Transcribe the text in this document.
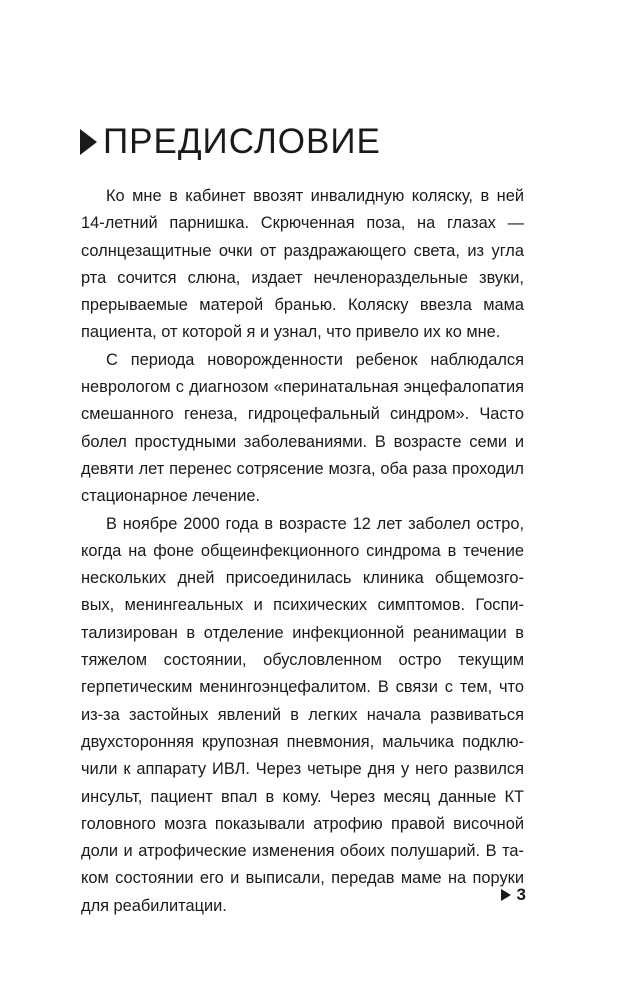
ПРЕДИСЛОВИЕ

Ко мне в кабинет ввозят инвалидную коляску, в ней 14-летний парнишка. Скрюченная поза, на глазах — солнцезащитные очки от раздражающего света, из угла рта сочится слюна, издает нечленораздельные звуки, прерываемые матерой бранью. Коляску ввезла мама пациента, от которой я и узнал, что привело их ко мне.

С периода новорожденности ребенок наблюдался неврологом с диагнозом «перинатальная энцефалопатия смешанного генеза, гидроцефальный синдром». Часто болел простудными заболеваниями. В возрасте семи и девяти лет перенес сотрясение мозга, оба раза проходил стационарное лечение.

В ноябре 2000 года в возрасте 12 лет заболел остро, когда на фоне общеинфекционного синдрома в течение нескольких дней присоединилась клиника общемозговых, менингеальных и психических симптомов. Госпитализирован в отделение инфекционной реанимации в тяжелом состоянии, обусловленном остро текущим герпетическим менингоэнцефалитом. В связи с тем, что из-за застойных явлений в легких начала развиваться двухсторонняя крупозная пневмония, мальчика подключили к аппарату ИВЛ. Через четыре дня у него развился инсульт, пациент впал в кому. Через месяц данные КТ головного мозга показывали атрофию правой височной доли и атрофические изменения обоих полушарий. В таком состоянии его и выписали, передав маме на поруки для реабилитации.

3
